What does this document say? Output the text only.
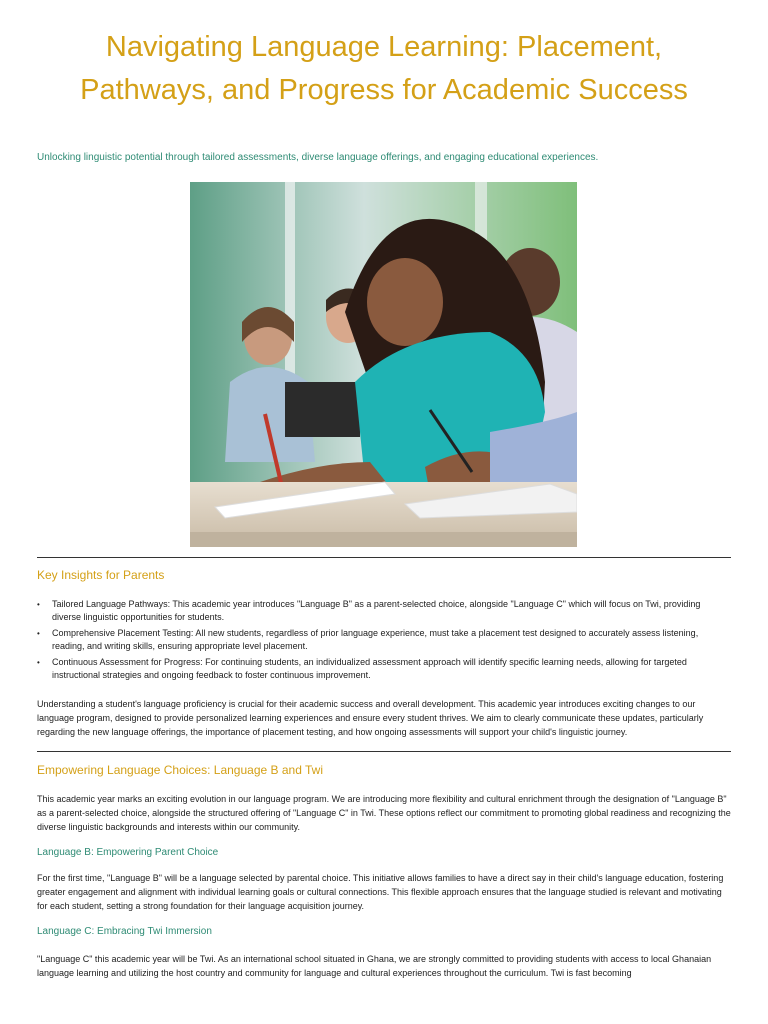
Navigating Language Learning: Placement, Pathways, and Progress for Academic Success

Unlocking linguistic potential through tailored assessments, diverse language offerings, and engaging educational experiences.

Key Insights for Parents
• Tailored Language Pathways: This academic year introduces "Language B" as a parent-selected choice, alongside "Language C" which will focus on Twi, providing diverse linguistic opportunities for students.
• Comprehensive Placement Testing: All new students, regardless of prior language experience, must take a placement test designed to accurately assess listening, reading, and writing skills, ensuring appropriate level placement.
• Continuous Assessment for Progress: For continuing students, an individualized assessment approach will identify specific learning needs, allowing for targeted instructional strategies and ongoing feedback to foster continuous improvement.

Understanding a student's language proficiency is crucial for their academic success and overall development. This academic year introduces exciting changes to our language program, designed to provide personalized learning experiences and ensure every student thrives. We aim to clearly communicate these updates, particularly regarding the new language offerings, the importance of placement testing, and how ongoing assessments will support your child's linguistic journey.

Empowering Language Choices: Language B and Twi

This academic year marks an exciting evolution in our language program. We are introducing more flexibility and cultural enrichment through the designation of "Language B" as a parent-selected choice, alongside the structured offering of "Language C" in Twi. These options reflect our commitment to promoting global readiness and recognizing the diverse linguistic backgrounds and interests within our community.

Language B: Empowering Parent Choice

For the first time, "Language B" will be a language selected by parental choice. This initiative allows families to have a direct say in their child's language education, fostering greater engagement and alignment with individual learning goals or cultural connections. This flexible approach ensures that the language studied is relevant and motivating for each student, setting a strong foundation for their language acquisition journey.

Language C: Embracing Twi Immersion

"Language C" this academic year will be Twi. As an international school situated in Ghana, we are strongly committed to providing students with access to local Ghanaian language learning and utilizing the host country and community for language and cultural experiences throughout the curriculum. Twi is fast becoming
